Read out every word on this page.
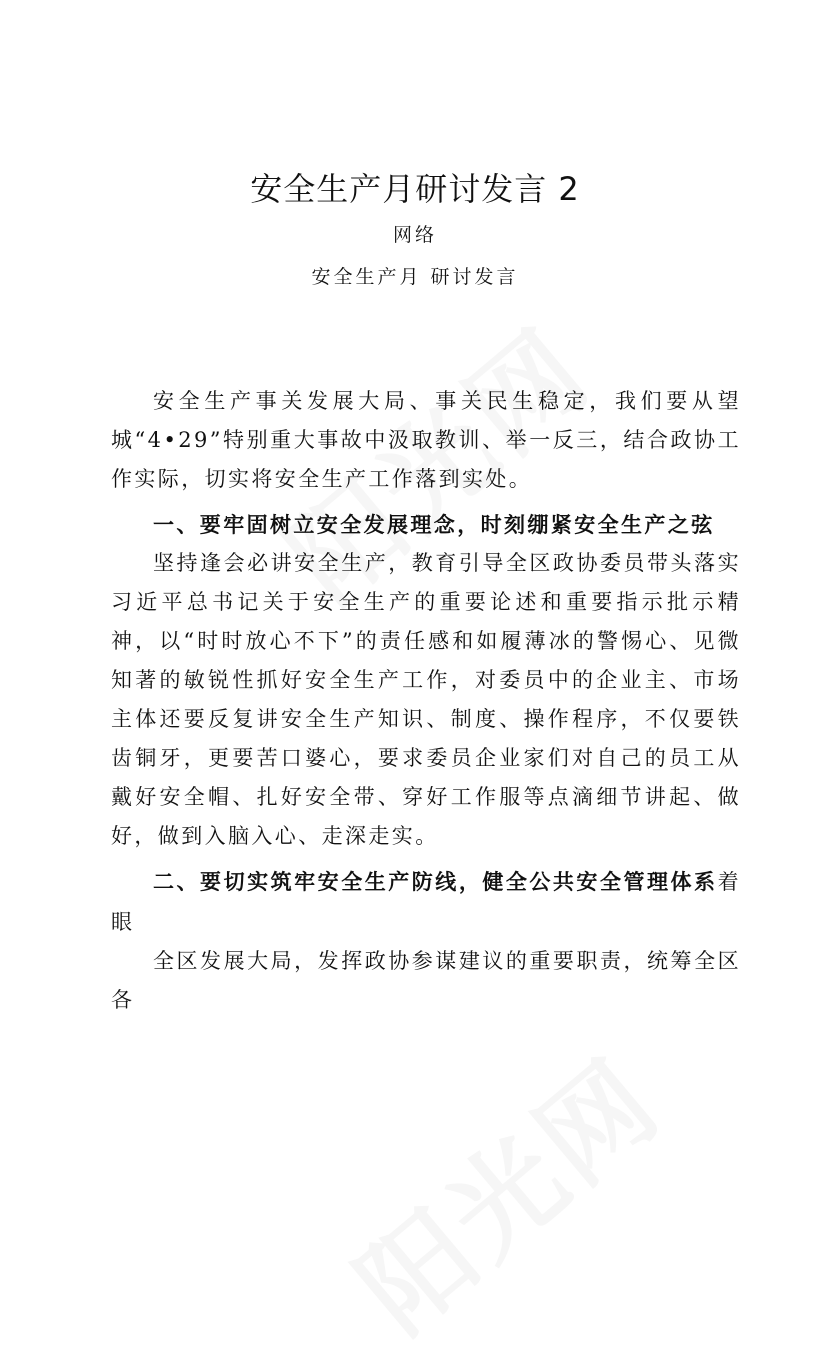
安全生产月研讨发言 2
网络
安全生产月 研讨发言

安全生产事关发展大局、事关民生稳定，我们要从望城“4•29”特别重大事故中汲取教训、举一反三，结合政协工作实际，切实将安全生产工作落到实处。

一、要牢固树立安全发展理念，时刻绷紧安全生产之弦

坚持逢会必讲安全生产，教育引导全区政协委员带头落实习近平总书记关于安全生产的重要论述和重要指示批示精神，以“时时放心不下”的责任感和如履薄冰的警惕心、见微知著的敏锐性抓好安全生产工作，对委员中的企业主、市场主体还要反复讲安全生产知识、制度、操作程序，不仅要铁齿铜牙，更要苦口婆心，要求委员企业家们对自己的员工从戴好安全帽、扎好安全带、穿好工作服等点滴细节讲起、做好，做到入脑入心、走深走实。

二、要切实筑牢安全生产防线，健全公共安全管理体系着眼

全区发展大局，发挥政协参谋建议的重要职责，统筹全区各
